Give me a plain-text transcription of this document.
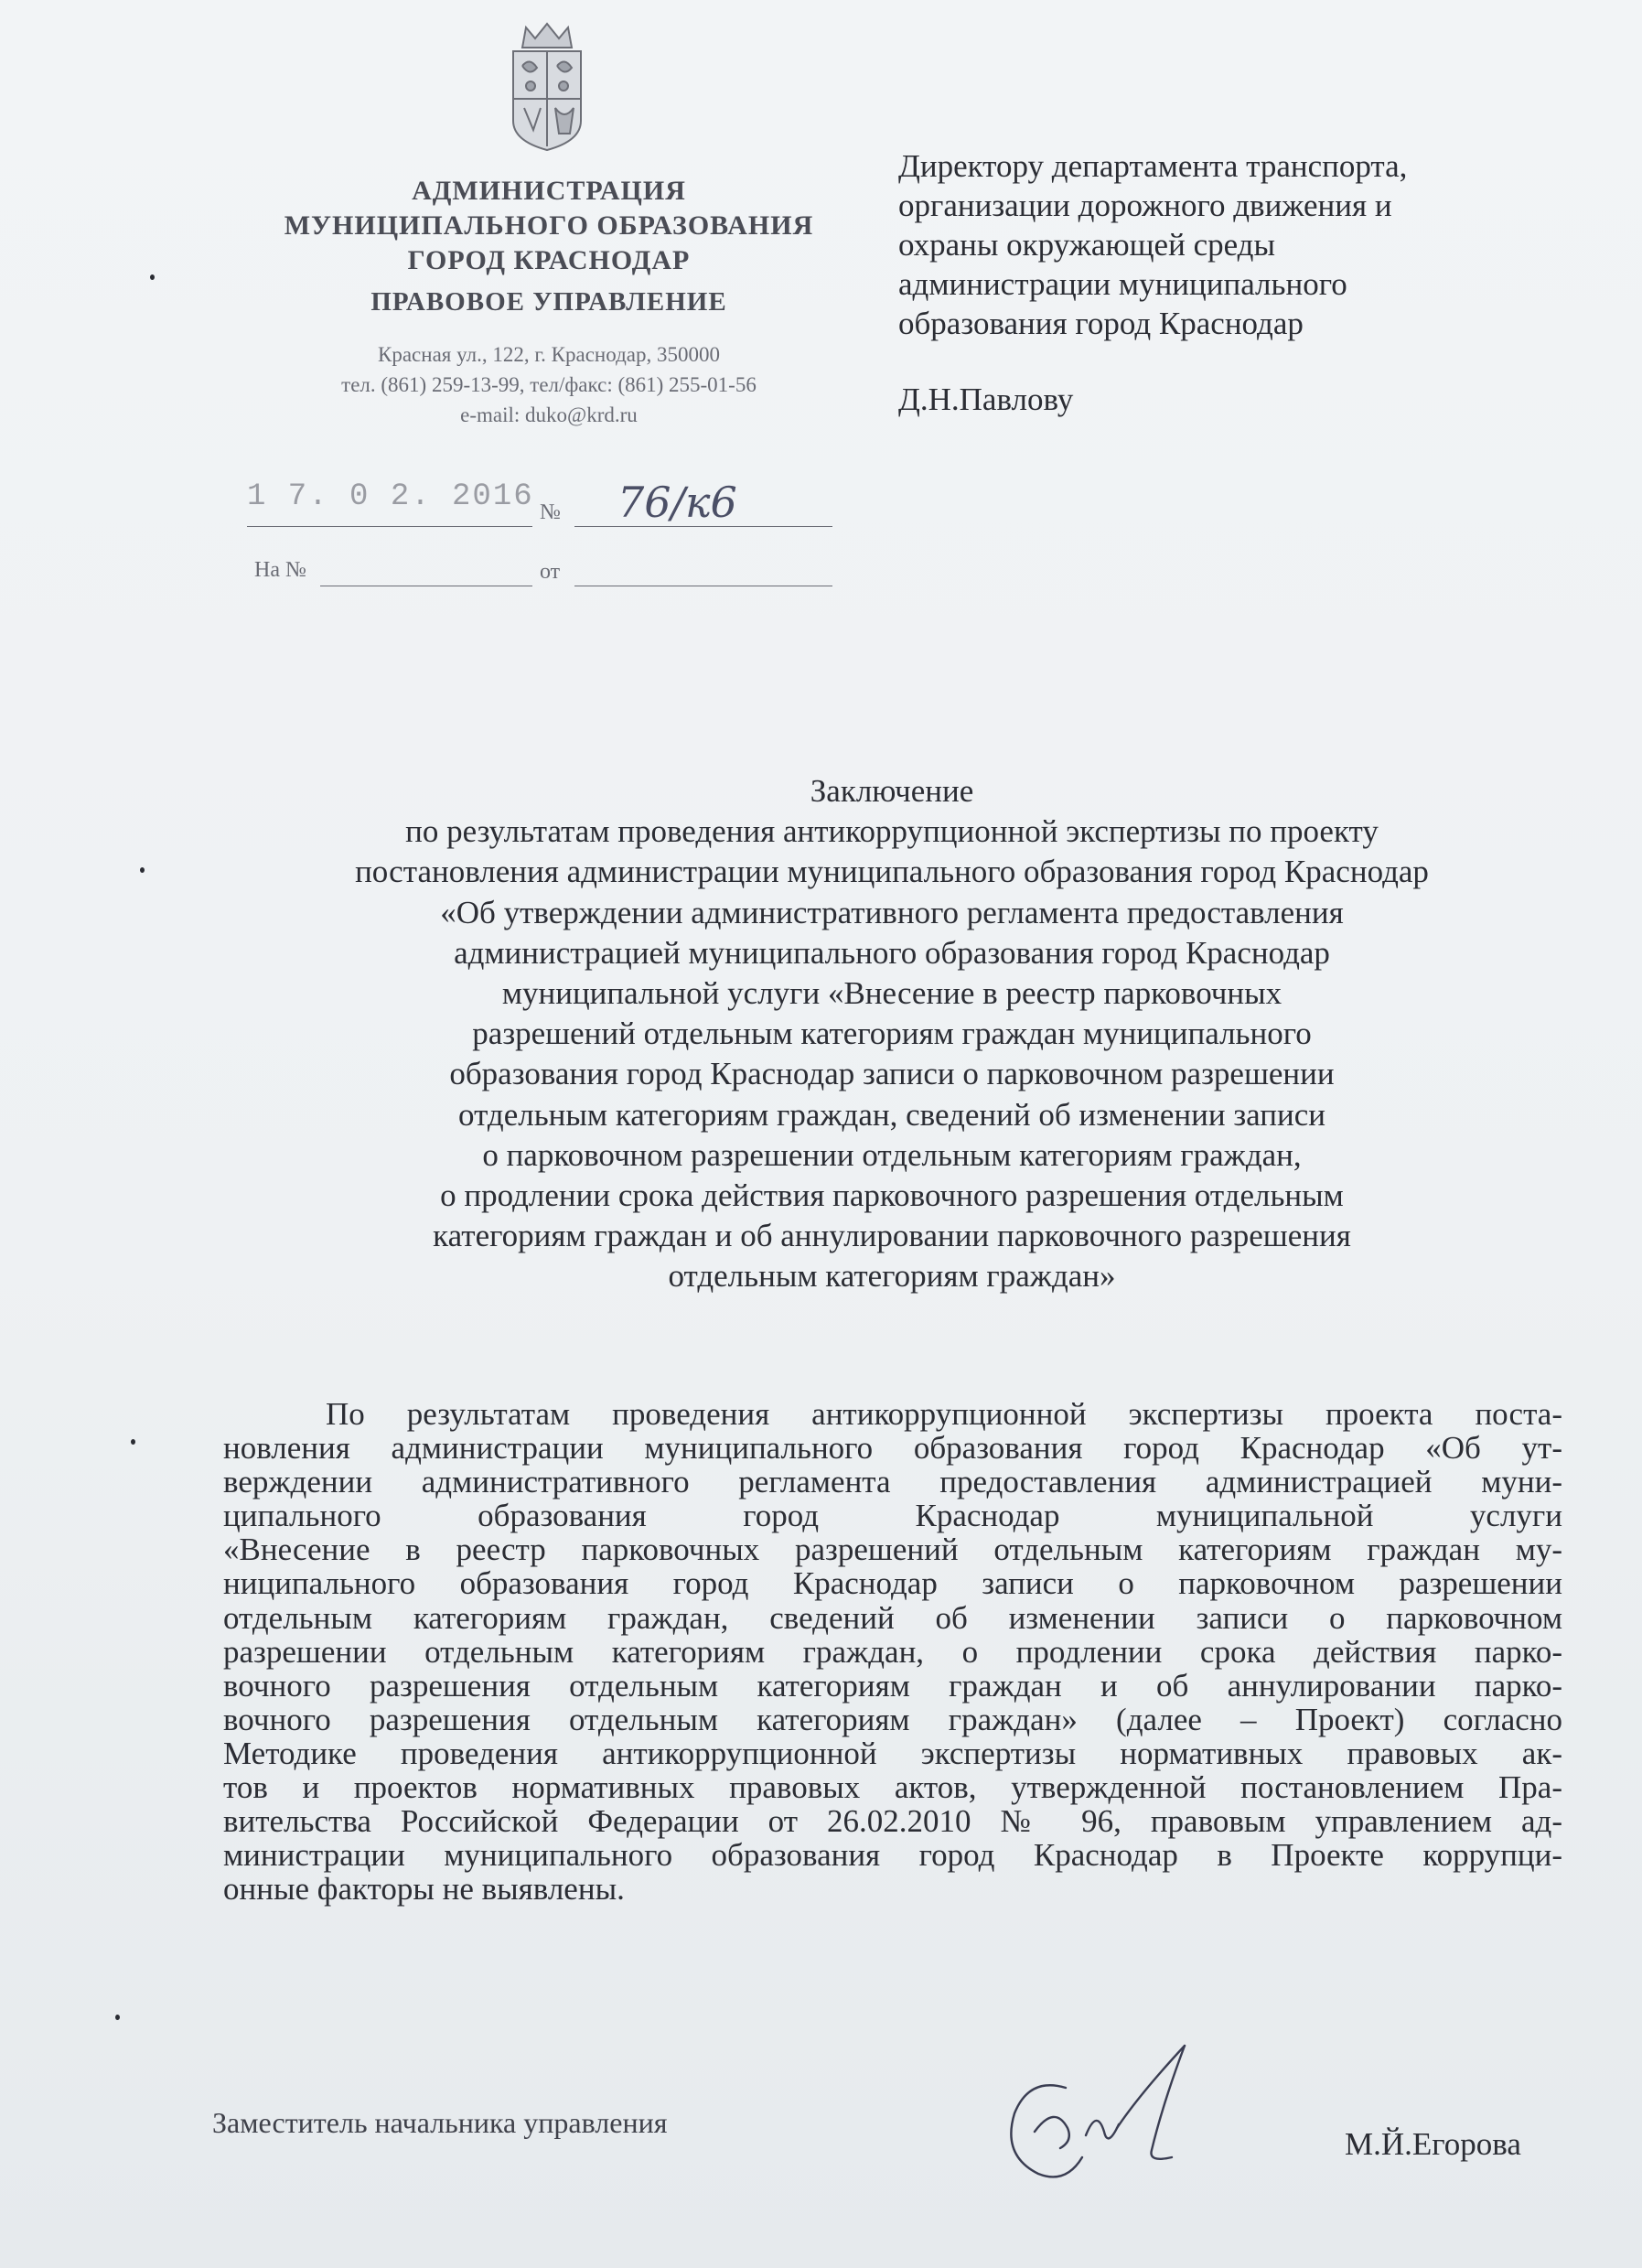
АДМИНИСТРАЦИЯ
МУНИЦИПАЛЬНОГО ОБРАЗОВАНИЯ
ГОРОД КРАСНОДАР
ПРАВОВОЕ УПРАВЛЕНИЕ
Красная ул., 122, г. Краснодар, 350000
тел. (861) 259-13-99, тел/факс: (861) 255-01-56
e-mail: duko@krd.ru
1 7. 0 2. 2016 № 76/к6
На №	от
Директору департамента транспорта,
организации дорожного движения и
охраны окружающей среды
администрации муниципального
образования город Краснодар
Д.Н.Павлову
Заключение
по результатам проведения антикоррупционной экспертизы по проекту
постановления администрации муниципального образования город Краснодар
«Об утверждении административного регламента предоставления
администрацией муниципального образования город Краснодар
муниципальной услуги «Внесение в реестр парковочных
разрешений отдельным категориям граждан муниципального
образования город Краснодар записи о парковочном разрешении
отдельным категориям граждан, сведений об изменении записи
о парковочном разрешении отдельным категориям граждан,
о продлении срока действия парковочного разрешения отдельным
категориям граждан и об аннулировании парковочного разрешения
отдельным категориям граждан»
По результатам проведения антикоррупционной экспертизы проекта поста-
новления администрации муниципального образования город Краснодар «Об ут-
верждении административного регламента предоставления администрацией муни-
ципального образования город Краснодар муниципальной услуги
«Внесение в реестр парковочных разрешений отдельным категориям граждан му-
ниципального образования город Краснодар записи о парковочном разрешении
отдельным категориям граждан, сведений об изменении записи о парковочном
разрешении отдельным категориям граждан, о продлении срока действия парко-
вочного разрешения отдельным категориям граждан и об аннулировании парко-
вочного разрешения отдельным категориям граждан» (далее – Проект) согласно
Методике проведения антикоррупционной экспертизы нормативных правовых ак-
тов и проектов нормативных правовых актов, утвержденной постановлением Пра-
вительства Российской Федерации от 26.02.2010 № 96, правовым управлением ад-
министрации муниципального образования город Краснодар в Проекте коррупци-
онные факторы не выявлены.
Заместитель начальника управления
М.Й.Егорова
